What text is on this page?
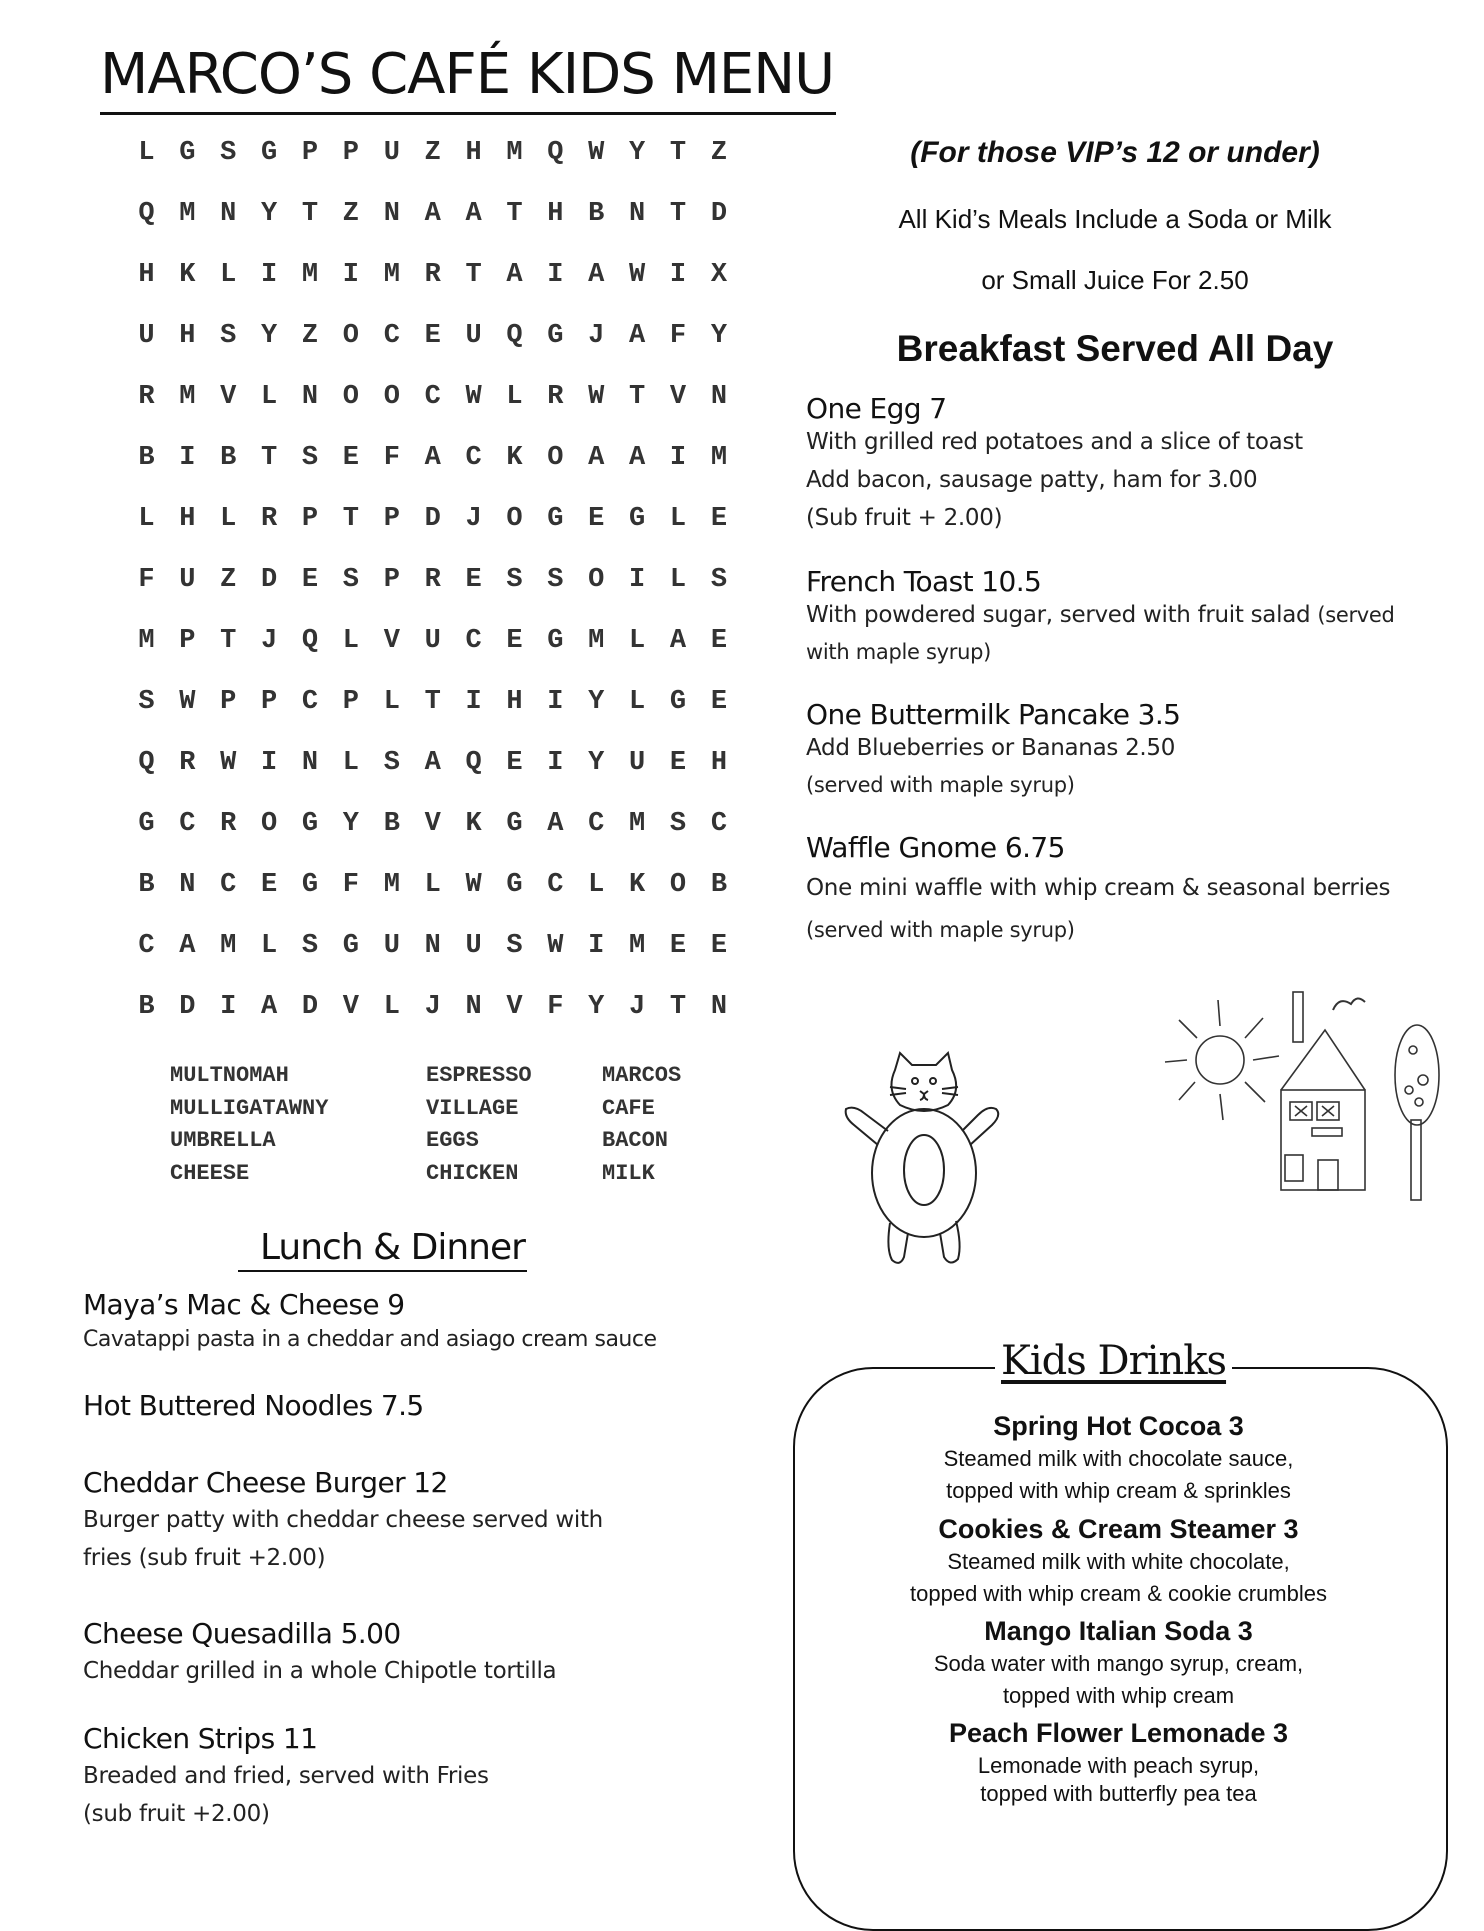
MARCO’S CAFÉ KIDS MENU
L G S G P P U Z H M Q W Y T Z
Q M N Y T Z N A A T H B N T D
H K L I M I M R T A I A W I X
U H S Y Z O C E U Q G J A F Y
R M V L N O O C W L R W T V N
B I B T S E F A C K O A A I M
L H L R P T P D J O G E G L E
F U Z D E S P R E S S O I L S
M P T J Q L V U C E G M L A E
S W P P C P L T I H I Y L G E
Q R W I N L S A Q E I Y U E H
G C R O G Y B V K G A C M S C
B N C E G F M L W G C L K O B
C A M L S G U N U S W I M E E
B D I A D V L J N V F Y J T N
MULTNOMAH
MULLIGATAWNY
UMBRELLA
CHEESE
ESPRESSO
VILLAGE
EGGS
CHICKEN
MARCOS
CAFE
BACON
MILK
(For those VIP’s 12 or under)
All Kid’s Meals Include a Soda or Milk
or Small Juice For 2.50
Breakfast Served All Day
One Egg 7
With grilled red potatoes and a slice of toast
Add bacon, sausage patty, ham for 3.00
(Sub fruit + 2.00)
French Toast 10.5
With powdered sugar, served with fruit salad (served
with maple syrup)
One Buttermilk Pancake 3.5
Add Blueberries or Bananas 2.50
(served with maple syrup)
Waffle Gnome 6.75
One mini waffle with whip cream & seasonal berries
(served with maple syrup)
Lunch & Dinner
Maya’s Mac & Cheese 9
Cavatappi pasta in a cheddar and asiago cream sauce
Hot Buttered Noodles 7.5
Cheddar Cheese Burger 12
Burger patty with cheddar cheese served with
fries (sub fruit +2.00)
Cheese Quesadilla 5.00
Cheddar grilled in a whole Chipotle tortilla
Chicken Strips 11
Breaded and fried, served with Fries
(sub fruit +2.00)
Kids Drinks
Spring Hot Cocoa 3
Steamed milk with chocolate sauce,
topped with whip cream & sprinkles
Cookies & Cream Steamer 3
Steamed milk with white chocolate,
topped with whip cream & cookie crumbles
Mango Italian Soda 3
Soda water with mango syrup, cream,
topped with whip cream
Peach Flower Lemonade 3
Lemonade with peach syrup,
topped with butterfly pea tea
